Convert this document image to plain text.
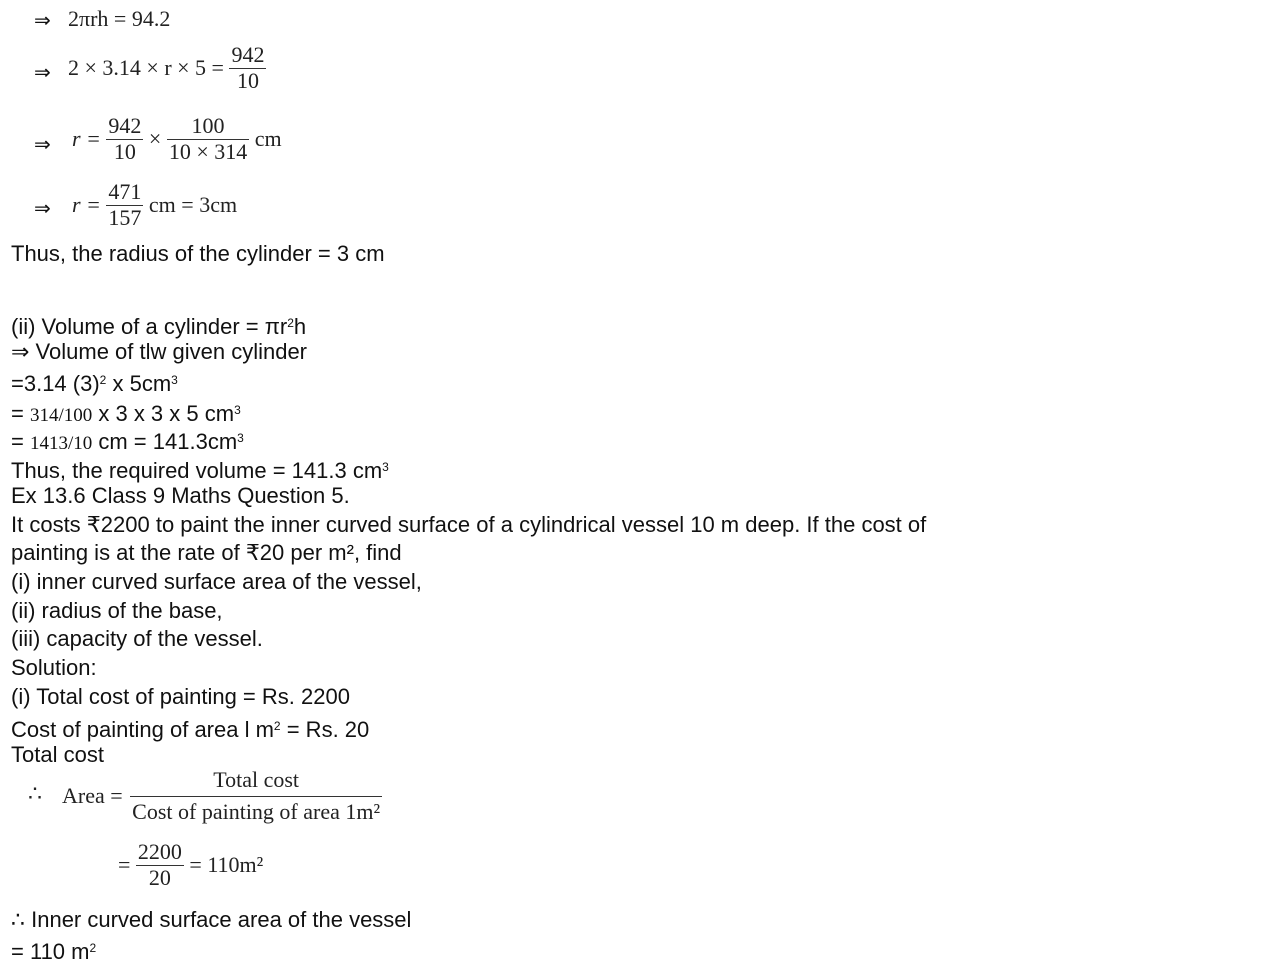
⇒ 2πrh = 94.2
⇒ $2 \times 3.14 \times r \times 5 = \frac{942}{10}$
⇒ $r = \frac{942}{10} \times \frac{100}{10 \times 314}$ cm
⇒ $r = \frac{471}{157}$ cm = 3cm
Thus, the radius of the cylinder = 3 cm
(ii) Volume of a cylinder = $\pi r^2h$
⇒ Volume of tlw given cylinder
=3.14 $(3)^2$ x $5cm^3$
= 314/100 x 3 x 3 x 5 $cm^3$
= 1413/10 cm = $141.3cm^3$
Thus, the required volume = 141.3 $cm^3$
Ex 13.6 Class 9 Maths Question 5.
It costs ₹2200 to paint the inner curved surface of a cylindrical vessel 10 m deep. If the cost of
painting is at the rate of ₹20 per m², find
(i) inner curved surface area of the vessel,
(ii) radius of the base,
(iii) capacity of the vessel.
Solution:
(i) Total cost of painting = Rs. 2200
Cost of painting of area l $m^2 = Rs$. 20
Total cost
∴ Area = $\frac{\text{Total cost}}{\text{Cost of painting of area 1m²}}$
= $\frac{2200}{20} = 110m^2$
∴ Inner curved surface area of the vessel
= 110 $m^2$
